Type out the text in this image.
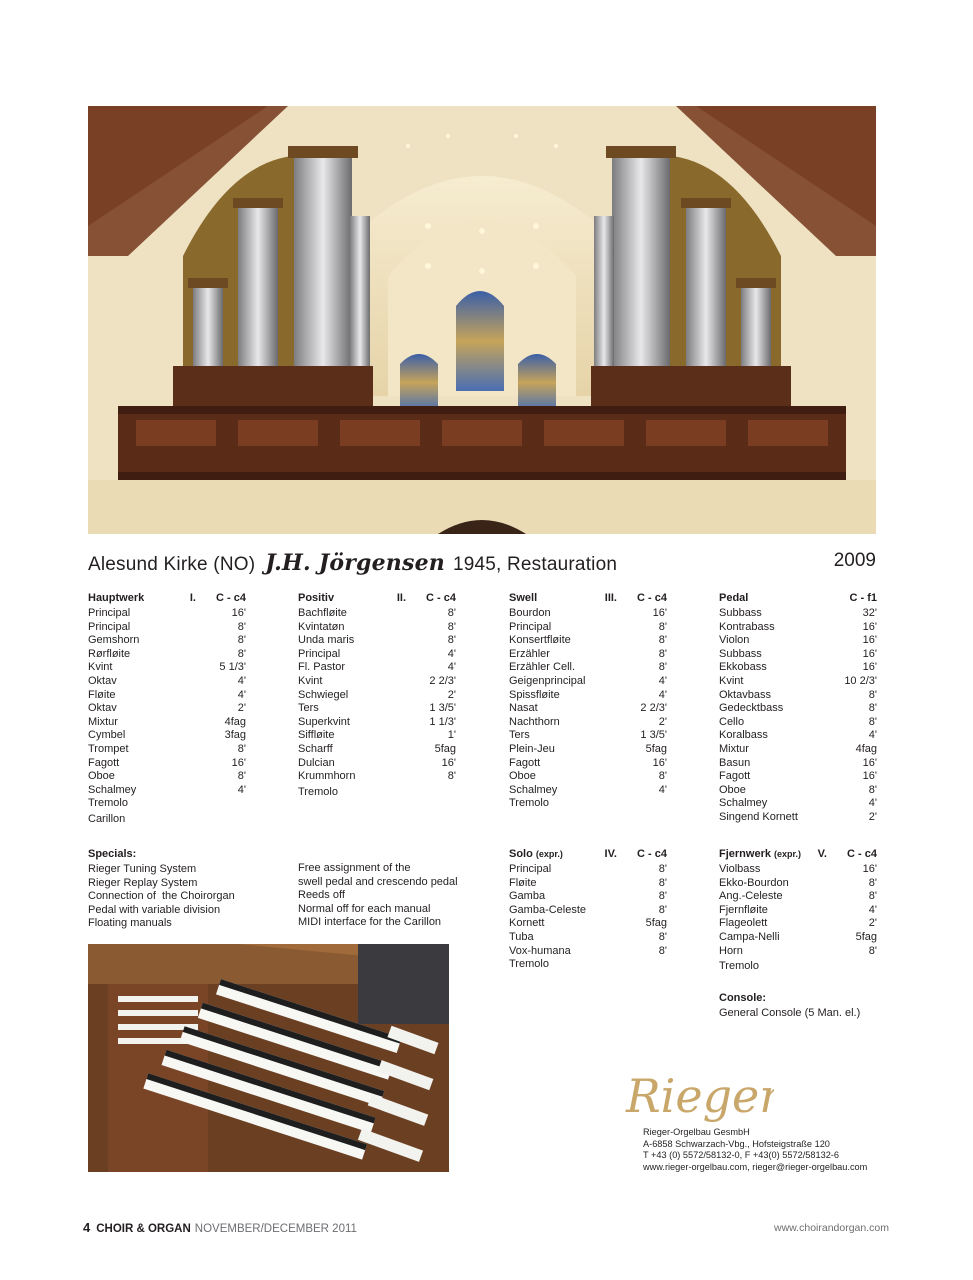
Alesund Kirke (NO) J.H. Jörgensen 1945, Restauration	2009
Hauptwerk	I. C - c4
Principal	16'
Principal	8'
Gemshorn	8'
Rørfløite	8'
Kvint	5 1/3'
Oktav	4'
Fløite	4'
Oktav	2'
Mixtur	4fag
Cymbel	3fag
Trompet	8'
Fagott	16'
Oboe	8'
Schalmey	4'
Tremolo
Carillon
Positiv	II. C - c4
Bachfløite	8'
Kvintatøn	8'
Unda maris	8'
Principal	4'
Fl. Pastor	4'
Kvint	2 2/3'
Schwiegel	2'
Ters	1 3/5'
Superkvint	1 1/3'
Siffløite	1'
Scharff	5fag
Dulcian	16'
Krummhorn	8'
Tremolo
Swell	III. C - c4
Bourdon	16'
Principal	8'
Konsertfløite	8'
Erzähler	8'
Erzähler Cell.	8'
Geigenprincipal	4'
Spissfløite	4'
Nasat	2 2/3'
Nachthorn	2'
Ters	1 3/5'
Plein-Jeu	5fag
Fagott	16'
Oboe	8'
Schalmey	4'
Tremolo
Pedal	C - f1
Subbass	32'
Kontrabass	16'
Violon	16'
Subbass	16'
Ekkobass	16'
Kvint	10 2/3'
Oktavbass	8'
Gedecktbass	8'
Cello	8'
Koralbass	4'
Mixtur	4fag
Basun	16'
Fagott	16'
Oboe	8'
Schalmey	4'
Singend Kornett	2'
Solo (expr.)	IV. C - c4
Principal	8'
Fløite	8'
Gamba	8'
Gamba-Celeste	8'
Kornett	5fag
Tuba	8'
Vox-humana	8'
Tremolo
Fjernwerk (expr.) V. C - c4
Violbass	16'
Ekko-Bourdon	8'
Ang.-Celeste	8'
Fjernfløite	4'
Flageolett	2'
Campa-Nelli	5fag
Horn	8'
Tremolo
Specials:
Rieger Tuning System
Rieger Replay System
Connection of  the Choirorgan
Pedal with variable division
Floating manuals
Free assignment of the
swell pedal and crescendo pedal
Reeds off
Normal off for each manual
MIDI interface for the Carillon
Console:
General Console (5 Man. el.)
Rieger
Rieger-Orgelbau GesmbH
A-6858 Schwarzach-Vbg., Hofsteigstraße 120
T +43 (0) 5572/58132-0, F +43(0) 5572/58132-6
www.rieger-orgelbau.com, rieger@rieger-orgelbau.com
4 CHOIR & ORGAN NOVEMBER/DECEMBER 2011	www.choirandorgan.com
